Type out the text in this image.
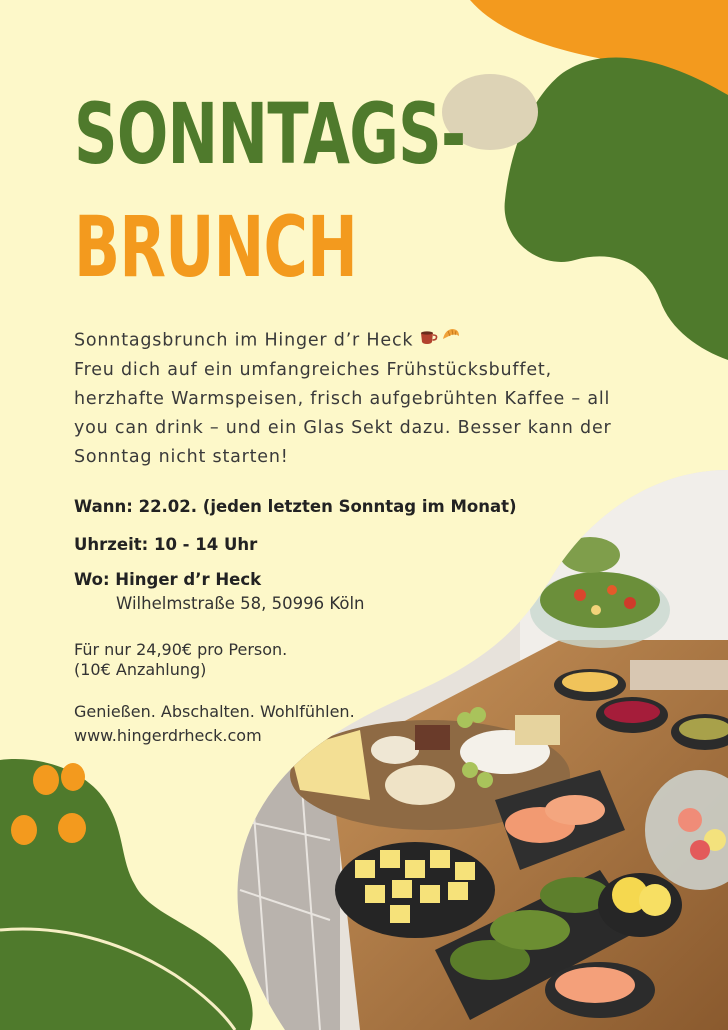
SONNTAGS-
BRUNCH
Sonntagsbrunch im Hinger d’r Heck
Freu dich auf ein umfangreiches Frühstücksbuffet,
herzhafte Warmspeisen, frisch aufgebrühten Kaffee – all
you can drink – und ein Glas Sekt dazu. Besser kann der
Sonntag nicht starten!
Wann: 22.02. (jeden letzten Sonntag im Monat)
Uhrzeit: 10 - 14 Uhr
Wo: Hinger d’r Heck
Wilhelmstraße 58, 50996 Köln
Für nur 24,90€ pro Person.
(10€ Anzahlung)
Genießen. Abschalten. Wohlfühlen.
www.hingerdrheck.com
